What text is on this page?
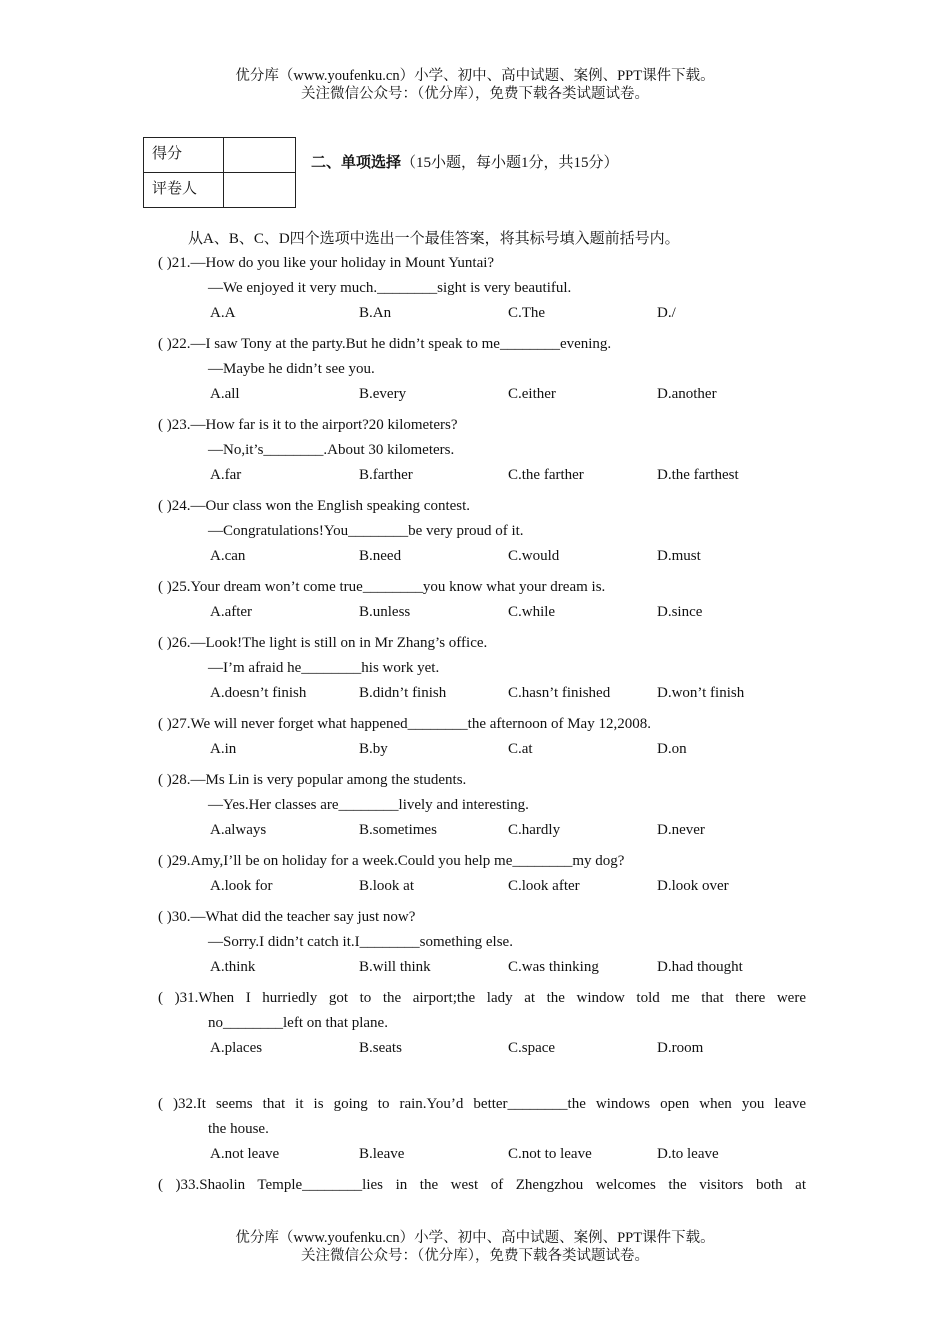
优分库（www.youfenku.cn）小学、初中、高中试题、案例、PPT课件下载。
关注微信公众号：（优分库），免费下载各类试题试卷。
得分	
评卷人	
二、单项选择（15小题，每小题1分，共15分）
从A、B、C、D四个选项中选出一个最佳答案，将其标号填入题前括号内。
( )21.—How do you like your holiday in Mount Yuntai?
—We enjoyed it very much.________sight is very beautiful.
A.A	B.An	C.The	D./
( )22.—I saw Tony at the party.But he didn’t speak to me________evening.
—Maybe he didn’t see you.
A.all	B.every	C.either	D.another
( )23.—How far is it to the airport?20 kilometers?
—No,it’s________.About 30 kilometers.
A.far	B.farther	C.the farther	D.the farthest
( )24.—Our class won the English speaking contest.
—Congratulations!You________be very proud of it.
A.can	B.need	C.would	D.must
( )25.Your dream won’t come true________you know what your dream is.
A.after	B.unless	C.while	D.since
( )26.—Look!The light is still on in Mr Zhang’s office.
—I’m afraid he________his work yet.
A.doesn’t finish	B.didn’t finish	C.hasn’t finished	D.won’t finish
( )27.We will never forget what happened________the afternoon of May 12,2008.
A.in	B.by	C.at	D.on
( )28.—Ms Lin is very popular among the students.
—Yes.Her classes are________lively and interesting.
A.always	B.sometimes	C.hardly	D.never
( )29.Amy,I’ll be on holiday for a week.Could you help me________my dog?
A.look for	B.look at	C.look after	D.look over
( )30.—What did the teacher say just now?
—Sorry.I didn’t catch it.I________something else.
A.think	B.will think	C.was thinking	D.had thought
( )31.When I hurriedly got to the airport;the lady at the window told me that there were
no________left on that plane.
A.places	B.seats	C.space	D.room
( )32.It seems that it is going to rain.You’d better________the windows open when you leave
the house.
A.not leave	B.leave	C.not to leave	D.to leave
( )33.Shaolin Temple________lies in the west of Zhengzhou welcomes the visitors both at
优分库（www.youfenku.cn）小学、初中、高中试题、案例、PPT课件下载。
关注微信公众号：（优分库），免费下载各类试题试卷。
